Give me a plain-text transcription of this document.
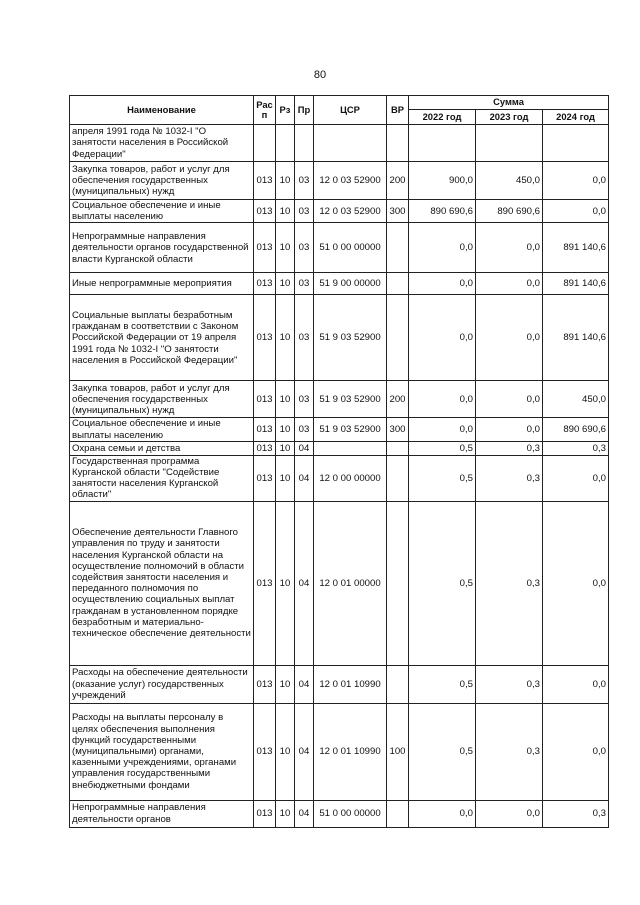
80
Наименование	Рас п	Рз	Пр	ЦСР	ВР	Сумма		
						2022 год	2023 год	2024 год
апреля 1991 года № 1032-I "О занятости населения в Российской Федерации"								
Закупка товаров, работ и услуг для обеспечения государственных (муниципальных) нужд	013	10	03	12 0 03 52900	200	900,0	450,0	0,0
Социальное обеспечение и иные выплаты населению	013	10	03	12 0 03 52900	300	890 690,6	890 690,6	0,0
Непрограммные направления деятельности органов государственной власти Курганской области	013	10	03	51 0 00 00000		0,0	0,0	891 140,6
Иные непрограммные мероприятия	013	10	03	51 9 00 00000		0,0	0,0	891 140,6
Социальные выплаты безработным гражданам в соответствии с Законом Российской Федерации от 19 апреля 1991 года № 1032-I "О занятости населения в Российской Федерации"	013	10	03	51 9 03 52900		0,0	0,0	891 140,6
Закупка товаров, работ и услуг для обеспечения государственных (муниципальных) нужд	013	10	03	51 9 03 52900	200	0,0	0,0	450,0
Социальное обеспечение и иные выплаты населению	013	10	03	51 9 03 52900	300	0,0	0,0	890 690,6
Охрана семьи и детства	013	10	04			0,5	0,3	0,3
Государственная программа Курганской области "Содействие занятости населения Курганской области"	013	10	04	12 0 00 00000		0,5	0,3	0,0
Обеспечение деятельности Главного управления по труду и занятости населения Курганской области на осуществление полномочий в области содействия занятости населения и переданного полномочия по осуществлению социальных выплат гражданам в установленном порядке безработным и материально-техническое обеспечение деятельности	013	10	04	12 0 01 00000		0,5	0,3	0,0
Расходы на обеспечение деятельности (оказание услуг) государственных учреждений	013	10	04	12 0 01 10990		0,5	0,3	0,0
Расходы на выплаты персоналу в целях обеспечения выполнения функций государственными (муниципальными) органами, казенными учреждениями, органами управления государственными внебюджетными фондами	013	10	04	12 0 01 10990	100	0,5	0,3	0,0
Непрограммные направления деятельности органов	013	10	04	51 0 00 00000		0,0	0,0	0,3
